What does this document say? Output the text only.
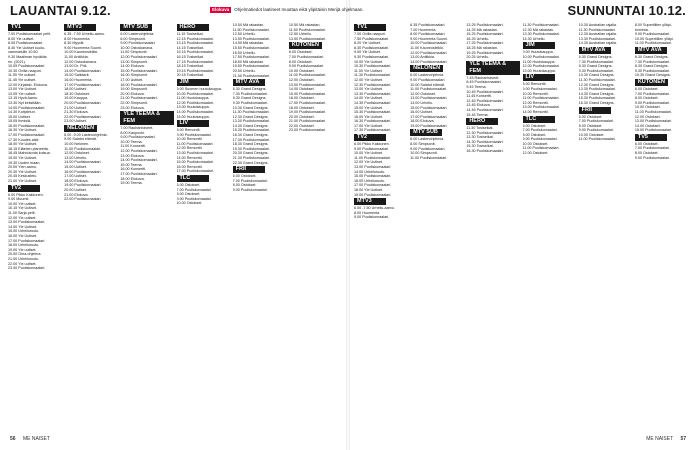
LAUANTAI 9.12.
TV1
7.00 Puoliskomaalari pelit.
8.00 Yle uutiset.
8.05 Puoliskomaalari.
8.40 Yle Uutiset kuulo-
vammaisille 10.50.
9.30 Maailman hyväkäs
nn. (2021).
10.05 Puoliskomaalari.
10.30 Ovilla naapuri.
11.55 Yle uutiset.
11.45 Yle uutiset.
12.00 Kirjatalo. Elokuva.
13.00 Yle Uutiset.
13.05 Yle uutiset.
13.15 Hyvä Aamu.
13.30 Nyt keksitään.
14.00 Puoliskomaalari.
14.30 Kotipiirturi.
15.00 Uutiset.
15.05 Ihmisiä.
16.00 Puoliskomaalari.
16.30 Yle Uutiset.
17.00 Puoliskomaalari.
17.30 Kuudes aisti.
18.00 Yle Uutiset.
18.15 Eläinten planeetta.
18.45 Mahdotonta kutsua.
19.00 Yle Uutiset.
19.30 Uuden maan.
20.00 Ylen aamu.
20.30 Yle Uutiset.
20.45 Keskustelu.
21.00 Yle Uutiset.
TV2
6.00 Pikku Kakkonen.
9.00 Muumit.
10.00 Yle uutiset.
10.15 Yle Uutiset.
11.00 Sarja-pelit.
12.00 Yle uutiset.
13.00 Puoliskomaalari.
14.00 Yle Uutiset.
15.00 Urheiluruutu.
16.00 Yle Uutiset.
17.00 Puoliskomaalari.
18.00 Urheiluruutu.
19.00 Yle uutiset.
20.00 Oma-ohjelma.
21.00 Urheiluruutu.
22.00 Yle uutiset.
23.00 Puoliskomaalari.
MTV3
6.35 -7.50 Urheilu-aamu.
8.00 Huomenta.
8.30 Myyrät.
9.00 Huomenta Suomi.
10.00 Kauneusleikki.
11.00 Antiikkia.
12.00 Ostoskanava.
13.00 Dr. Phil.
14.00 Puoliskomaalari.
15.00 Salkkarit.
16.00 Huomenta.
17.00 Puoliskomaalari.
18.00 Uutiset.
18.30 Ostokset.
19.00 Kauppa.
20.00 Puoliskomaalari.
21.00 Uutiset.
21.30 Elokuva.
22.00 Puoliskomaalari.
23.00 Uutiset.
NELONEN
6.00 -9.00 Lastenohjelmia.
9.00 Salatut elämät.
10.00 Nelonen.
11.00 Puoliskomaalari.
12.00 Ostokset.
13.00 Urheilu.
14.00 Puoliskomaalari.
15.00 Uutiset.
16.00 Puoliskomaalari.
17.00 Uutiset.
18.00 Elokuva.
19.00 Puoliskomaalari.
20.00 Uutiset.
21.00 Elokuva.
22.00 Puoliskomaalari.
MTV SUB
6.00 Lastenohjelmia.
8.00 Simpsonit.
9.00 Puoliskomaalari.
10.00 Ostoskanava.
11.00 Simpsonit.
12.00 Puoliskomaalari.
13.00 Simpsonit.
14.00 Elokuva.
15.00 Puoliskomaalari.
16.00 Simpsonit.
17.00 Uutiset.
18.00 Puoliskomaalari.
19.00 Simpsonit.
20.00 Elokuva.
21.00 Puoliskomaalari.
22.00 Simpsonit.
23.00 Elokuva.
YLE TEEMA & FEM
7.00 Rauhantoiveet.
8.00 Kaupunki.
9.00 Puoliskomaalari.
10.00 Teema.
11.00 Konsertti.
12.00 Puoliskomaalari.
13.00 Elokuva.
14.00 Puoliskomaalari.
15.00 Teema.
16.00 Konsertti.
17.00 Puoliskomaalari.
18.00 Elokuva.
19.00 Teema.
HERO
11.15 Tosiseikat.
12.15 Puoliskomaalari.
13.15 Puoliskomaalari.
14.15 Tosiseikat.
15.15 Puoliskomaalari.
16.15 Tosiseikat.
17.15 Puoliskomaalari.
18.15 Tosiseikat.
19.15 Puoliskomaalari.
20.15 Tosiseikat.
JIM
9.00 Suomen huutokauppa.
10.00 Puoliskomaalari.
11.00 Huutokauppa.
12.00 Puoliskomaalari.
13.00 Huutokauppa.
14.00 Puoliskomaalari.
15.00 Huutokauppa.
LIV
8.00 Remontti.
9.00 Puoliskomaalari.
10.00 Remontti.
11.00 Puoliskomaalari.
12.00 Remontti.
13.00 Puoliskomaalari.
14.00 Remontti.
15.00 Puoliskomaalari.
16.00 Remontti.
17.00 Puoliskomaalari.
TLC
6.00 Ostokset.
7.00 Puoliskomaalari.
8.00 Ostokset.
9.00 Puoliskomaalari.
10.00 Ostokset.
10.50 Mä rakastan.
11.50 Puoliskomaalari.
12.50 Urheilu.
13.50 Puoliskomaalari.
14.50 Mä rakastan.
15.50 Puoliskomaalari.
16.50 Urheilu.
17.50 Puoliskomaalari.
18.50 Mä rakastan.
19.50 Puoliskomaalari.
20.50 Urheilu.
21.50 Puoliskomaalari.
MTV AVA
6.30 Grand Designs.
7.30 Puoliskomaalari.
8.30 Grand Designs.
9.30 Puoliskomaalari.
10.30 Grand Designs.
11.30 Puoliskomaalari.
12.30 Grand Designs.
13.30 Puoliskomaalari.
14.30 Grand Designs.
15.30 Puoliskomaalari.
16.30 Grand Designs.
17.30 Puoliskomaalari.
18.30 Grand Designs.
19.30 Puoliskomaalari.
20.30 Grand Designs.
21.30 Puoliskomaalari.
22.30 Grand Designs.
FRII
6.00 Ostokset.
7.00 Puoliskomaalari.
8.00 Ostokset.
9.00 Puoliskomaalari.
10.50 Mä rakastan.
11.50 Puoliskomaalari.
12.50 Urheilu.
13.50 Puoliskomaalari.
KUTONEN
6.00 Ostokset.
7.00 Puoliskomaalari.
8.00 Ostokset.
9.00 Puoliskomaalari.
10.00 Ostokset.
11.00 Puoliskomaalari.
12.00 Ostokset.
13.00 Puoliskomaalari.
14.00 Ostokset.
15.00 Puoliskomaalari.
16.00 Ostokset.
17.00 Puoliskomaalari.
18.00 Ostokset.
19.00 Puoliskomaalari.
20.00 Ostokset.
21.00 Puoliskomaalari.
22.00 Ostokset.
23.00 Puoliskomaalari.
56 ME NAISET
Elokuva	Ohjelmatiedot laatineet muuttaa eikä ylipitäisin Merijä ohjelmaan.	SUNNUNTAI 10.12.
TV1
7.00 Ovilla naapuri.
7.50 Puoliskomaalari.
8.20 Yle Uutiset.
8.30 Puoliskomaalari.
9.00 Yle Uutiset.
9.30 Puoliskomaalari.
10.00 Yle Uutiset.
10.30 Puoliskomaalari.
11.00 Yle Uutiset.
11.30 Puoliskomaalari.
12.00 Yle Uutiset.
12.30 Puoliskomaalari.
13.00 Yle Uutiset.
13.30 Puoliskomaalari.
14.00 Yle Uutiset.
14.30 Puoliskomaalari.
15.00 Yle Uutiset.
15.30 Puoliskomaalari.
16.00 Yle Uutiset.
16.30 Puoliskomaalari.
17.00 Yle Uutiset.
17.30 Puoliskomaalari.
TV2
6.00 Pikku Kakkonen.
9.00 Puoliskomaalari.
10.00 Yle Uutiset.
11.00 Puoliskomaalari.
12.00 Yle Uutiset.
13.00 Puoliskomaalari.
14.00 Urheiluruutu.
15.00 Puoliskomaalari.
16.00 Urheiluruutu.
17.00 Puoliskomaalari.
18.00 Yle Uutiset.
19.00 Puoliskomaalari.
MTV3
6.00 -7.50 Urheilu-aamu.
8.00 Huomenta.
9.00 Puoliskomaalari.
6.35 Puoliskomaalari.
7.00 Huomenta.
8.00 Puoliskomaalari.
9.00 Huomenta Suomi.
10.00 Puoliskomaalari.
11.00 Kauneusleikki.
12.00 Puoliskomaalari.
13.00 Antiikkia.
14.00 Puoliskomaalari.
NELONEN
6.00 Lastenohjelmia.
9.00 Puoliskomaalari.
10.00 Salatut elämät.
11.00 Puoliskomaalari.
12.00 Ostokset.
13.00 Puoliskomaalari.
14.00 Urheilu.
15.00 Puoliskomaalari.
16.00 Uutiset.
17.00 Puoliskomaalari.
18.00 Elokuva.
19.00 Puoliskomaalari.
MTV SUB
6.00 Lastenohjelmia.
8.00 Simpsonit.
9.00 Puoliskomaalari.
10.00 Simpsonit.
11.00 Puoliskomaalari.
13.25 Puoliskomaalari.
14.25 Mä rakastan.
15.25 Puoliskomaalari.
16.25 Urheilu.
17.25 Puoliskomaalari.
18.25 Mä rakastan.
19.25 Puoliskomaalari.
20.25 Urheilu.
YLE TEEMA & FEM
7.45 Rauhantoiveet.
8.45 Puoliskomaalari.
9.45 Teema.
10.45 Puoliskomaalari.
11.45 Konsertti.
12.45 Puoliskomaalari.
13.45 Elokuva.
14.45 Puoliskomaalari.
15.45 Teema.
HERO
11.30 Tosiseikat.
12.30 Puoliskomaalari.
13.30 Tosiseikat.
14.30 Puoliskomaalari.
15.30 Tosiseikat.
16.30 Puoliskomaalari.
11.30 Puoliskomaalari.
12.30 Mä rakastan.
13.30 Puoliskomaalari.
14.30 Urheilu.
JIM
9.00 Huutokauppa.
10.00 Puoliskomaalari.
11.00 Huutokauppa.
12.00 Puoliskomaalari.
13.00 Huutokauppa.
LIV
8.00 Remontti.
9.00 Puoliskomaalari.
10.00 Remontti.
11.00 Puoliskomaalari.
12.00 Remontti.
13.00 Puoliskomaalari.
14.00 Remontti.
TLC
6.00 Ostokset.
7.00 Puoliskomaalari.
8.00 Ostokset.
9.00 Puoliskomaalari.
10.00 Ostokset.
11.00 Puoliskomaalari.
12.00 Ostokset.
10.30 Australian rajalla.
11.30 Puoliskomaalari.
12.30 Australian rajalla.
13.30 Puoliskomaalari.
14.30 Australian rajalla.
MTV AVA
6.30 Grand Designs.
7.30 Puoliskomaalari.
8.30 Grand Designs.
9.30 Puoliskomaalari.
10.30 Grand Designs.
11.30 Puoliskomaalari.
12.30 Grand Designs.
13.30 Puoliskomaalari.
14.30 Grand Designs.
15.30 Puoliskomaalari.
16.30 Grand Designs.
FRII
6.00 Ostokset.
7.00 Puoliskomaalari.
8.00 Ostokset.
9.00 Puoliskomaalari.
10.00 Ostokset.
11.00 Puoliskomaalari.
8.00 Supertiilien ylläpi-
toiminta.
9.00 Puoliskomaalari.
10.00 Supertiilien ylläpi.
11.00 Puoliskomaalari.
MTV AVA
6.30 Grand Designs.
7.30 Puoliskomaalari.
8.30 Grand Designs.
9.30 Puoliskomaalari.
10.30 Grand Designs.
KUTONEN
6.00 Ostokset.
7.00 Puoliskomaalari.
8.00 Ostokset.
9.00 Puoliskomaalari.
10.00 Ostokset.
11.00 Puoliskomaalari.
12.00 Ostokset.
13.00 Puoliskomaalari.
14.00 Ostokset.
15.00 Puoliskomaalari.
TV5
6.00 Ostokset.
7.00 Puoliskomaalari.
8.00 Ostokset.
9.00 Puoliskomaalari.
ME NAISET 57
